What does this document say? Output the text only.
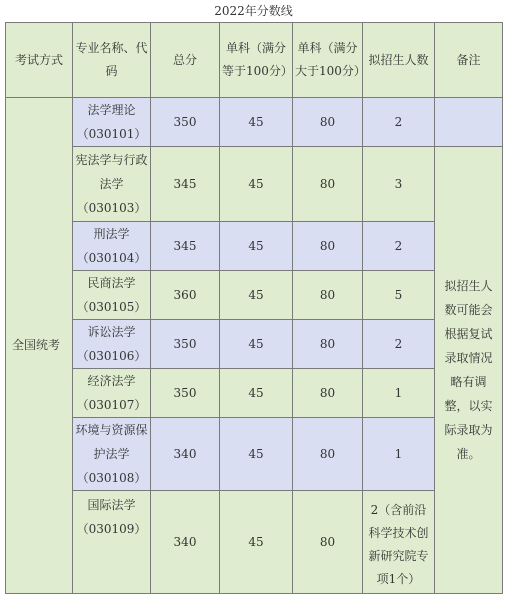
2022年分数线
考试方式	专业名称、代码	总分	单科（满分等于100分）	单科（满分大于100分）	拟招生人数	备注
全国统考	法学理论（030101）	350	45	80	2	
	宪法学与行政法学（030103）	345	45	80	3	拟招生人数可能会根据复试录取情况略有调整，以实际录取为准。
	刑法学（030104）	345	45	80	2	
	民商法学（030105）	360	45	80	5	
	诉讼法学（030106）	350	45	80	2	
	经济法学（030107）	350	45	80	1	
	环境与资源保护法学（030108）	340	45	80	1	
	国际法学（030109）	340	45	80	2（含前沿科学技术创新研究院专项1个）	
